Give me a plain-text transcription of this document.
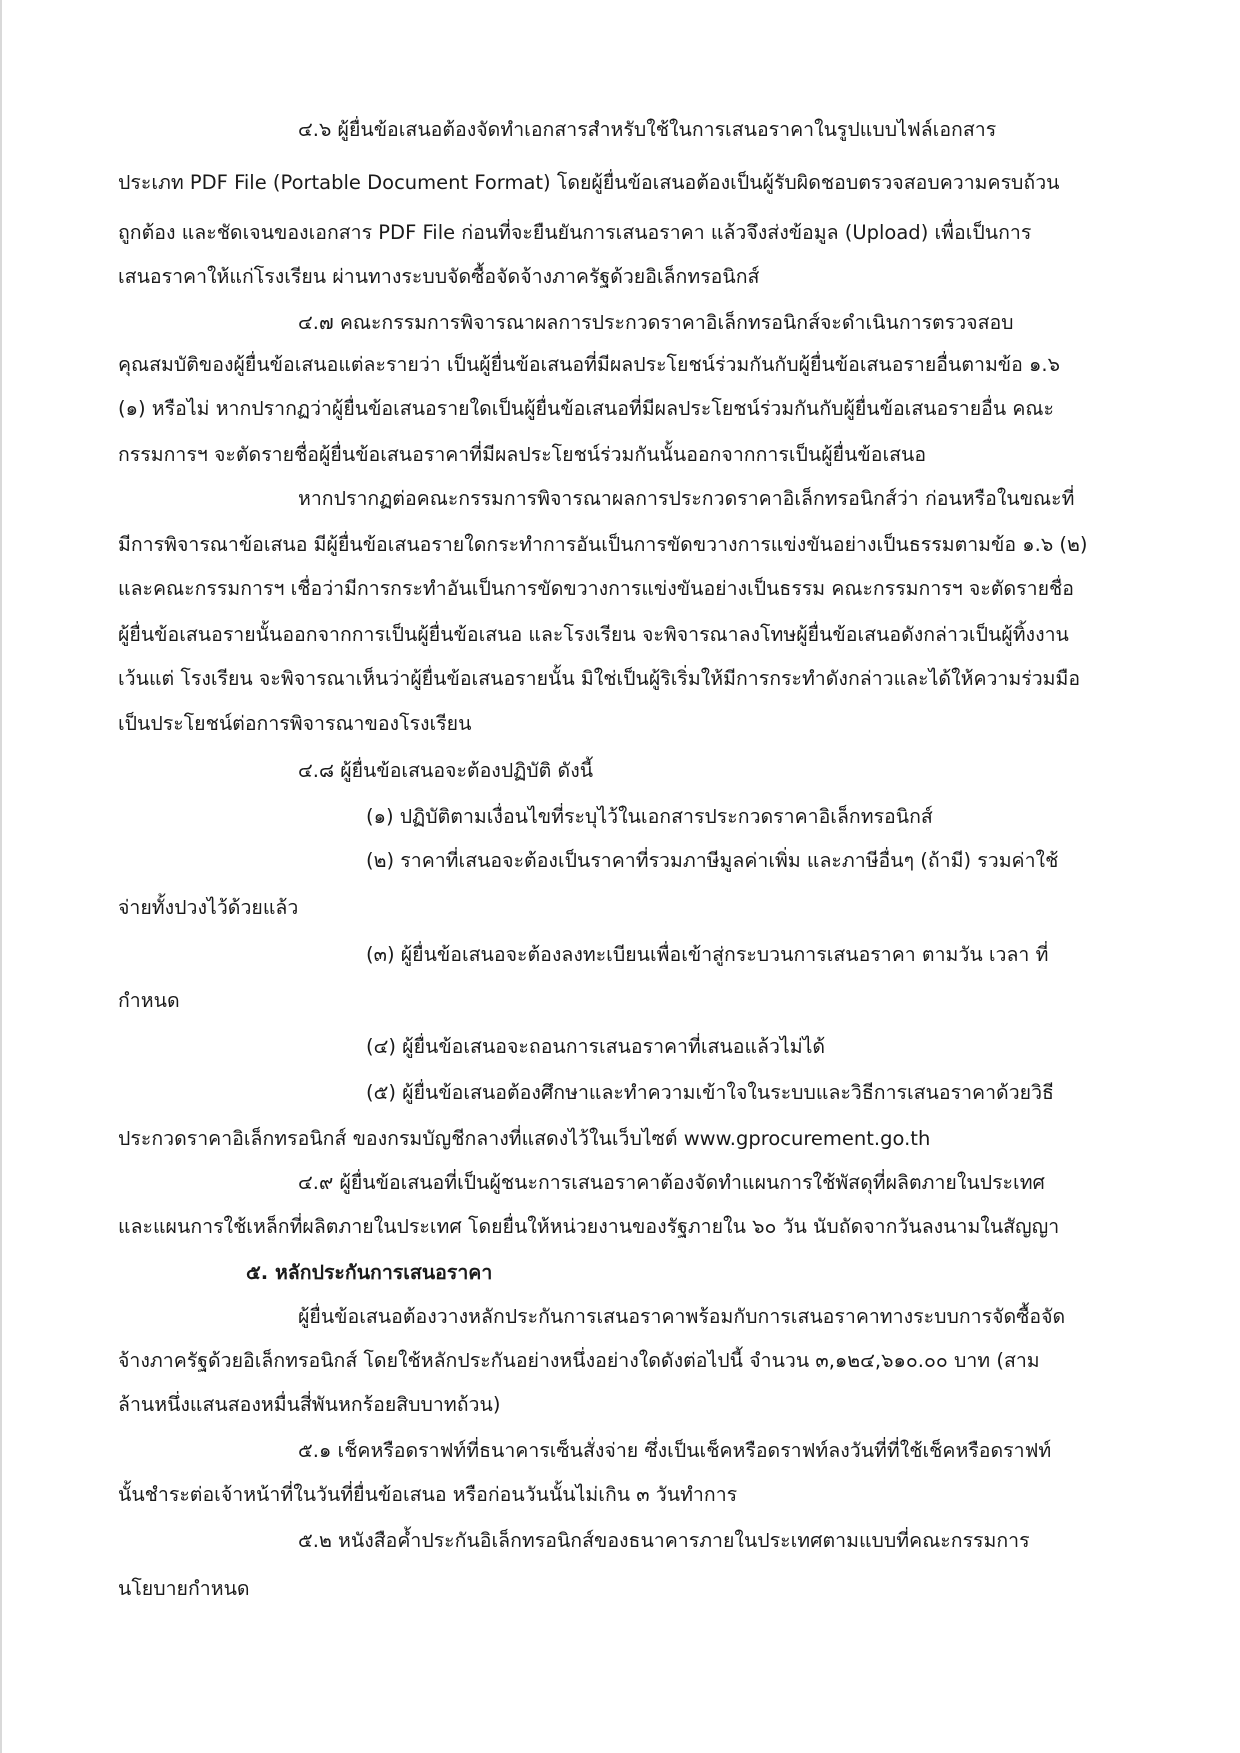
๔.๖ ผู้ยื่นข้อเสนอต้องจัดทำเอกสารสำหรับใช้ในการเสนอราคาในรูปแบบไฟล์เอกสาร
ประเภท PDF File (Portable Document Format) โดยผู้ยื่นข้อเสนอต้องเป็นผู้รับผิดชอบตรวจสอบความครบถ้วน
ถูกต้อง และชัดเจนของเอกสาร PDF File ก่อนที่จะยืนยันการเสนอราคา แล้วจึงส่งข้อมูล (Upload) เพื่อเป็นการ
เสนอราคาให้แก่โรงเรียน ผ่านทางระบบจัดซื้อจัดจ้างภาครัฐด้วยอิเล็กทรอนิกส์
๔.๗ คณะกรรมการพิจารณาผลการประกวดราคาอิเล็กทรอนิกส์จะดำเนินการตรวจสอบ
คุณสมบัติของผู้ยื่นข้อเสนอแต่ละรายว่า เป็นผู้ยื่นข้อเสนอที่มีผลประโยชน์ร่วมกันกับผู้ยื่นข้อเสนอรายอื่นตามข้อ ๑.๖
(๑) หรือไม่ หากปรากฏว่าผู้ยื่นข้อเสนอรายใดเป็นผู้ยื่นข้อเสนอที่มีผลประโยชน์ร่วมกันกับผู้ยื่นข้อเสนอรายอื่น คณะ
กรรมการฯ จะตัดรายชื่อผู้ยื่นข้อเสนอราคาที่มีผลประโยชน์ร่วมกันนั้นออกจากการเป็นผู้ยื่นข้อเสนอ
หากปรากฏต่อคณะกรรมการพิจารณาผลการประกวดราคาอิเล็กทรอนิกส์ว่า ก่อนหรือในขณะที่
มีการพิจารณาข้อเสนอ มีผู้ยื่นข้อเสนอรายใดกระทำการอันเป็นการขัดขวางการแข่งขันอย่างเป็นธรรมตามข้อ ๑.๖ (๒)
และคณะกรรมการฯ เชื่อว่ามีการกระทำอันเป็นการขัดขวางการแข่งขันอย่างเป็นธรรม คณะกรรมการฯ จะตัดรายชื่อ
ผู้ยื่นข้อเสนอรายนั้นออกจากการเป็นผู้ยื่นข้อเสนอ และโรงเรียน จะพิจารณาลงโทษผู้ยื่นข้อเสนอดังกล่าวเป็นผู้ทิ้งงาน
เว้นแต่ โรงเรียน จะพิจารณาเห็นว่าผู้ยื่นข้อเสนอรายนั้น มิใช่เป็นผู้ริเริ่มให้มีการกระทำดังกล่าวและได้ให้ความร่วมมือ
เป็นประโยชน์ต่อการพิจารณาของโรงเรียน
๔.๘ ผู้ยื่นข้อเสนอจะต้องปฏิบัติ ดังนี้
(๑) ปฏิบัติตามเงื่อนไขที่ระบุไว้ในเอกสารประกวดราคาอิเล็กทรอนิกส์
(๒) ราคาที่เสนอจะต้องเป็นราคาที่รวมภาษีมูลค่าเพิ่ม และภาษีอื่นๆ (ถ้ามี) รวมค่าใช้
จ่ายทั้งปวงไว้ด้วยแล้ว
(๓) ผู้ยื่นข้อเสนอจะต้องลงทะเบียนเพื่อเข้าสู่กระบวนการเสนอราคา ตามวัน เวลา ที่
กำหนด
(๔) ผู้ยื่นข้อเสนอจะถอนการเสนอราคาที่เสนอแล้วไม่ได้
(๕) ผู้ยื่นข้อเสนอต้องศึกษาและทำความเข้าใจในระบบและวิธีการเสนอราคาด้วยวิธี
ประกวดราคาอิเล็กทรอนิกส์ ของกรมบัญชีกลางที่แสดงไว้ในเว็บไซต์ www.gprocurement.go.th
๔.๙ ผู้ยื่นข้อเสนอที่เป็นผู้ชนะการเสนอราคาต้องจัดทำแผนการใช้พัสดุที่ผลิตภายในประเทศ
และแผนการใช้เหล็กที่ผลิตภายในประเทศ โดยยื่นให้หน่วยงานของรัฐภายใน ๖๐ วัน นับถัดจากวันลงนามในสัญญา
๕. หลักประกันการเสนอราคา
ผู้ยื่นข้อเสนอต้องวางหลักประกันการเสนอราคาพร้อมกับการเสนอราคาทางระบบการจัดซื้อจัด
จ้างภาครัฐด้วยอิเล็กทรอนิกส์ โดยใช้หลักประกันอย่างหนึ่งอย่างใดดังต่อไปนี้ จำนวน ๓,๑๒๔,๖๑๐.๐๐ บาท (สาม
ล้านหนึ่งแสนสองหมื่นสี่พันหกร้อยสิบบาทถ้วน)
๕.๑ เช็คหรือดราฟท์ที่ธนาคารเซ็นสั่งจ่าย ซึ่งเป็นเช็คหรือดราฟท์ลงวันที่ที่ใช้เช็คหรือดราฟท์
นั้นชำระต่อเจ้าหน้าที่ในวันที่ยื่นข้อเสนอ หรือก่อนวันนั้นไม่เกิน ๓ วันทำการ
๕.๒ หนังสือค้ำประกันอิเล็กทรอนิกส์ของธนาคารภายในประเทศตามแบบที่คณะกรรมการ
นโยบายกำหนด
